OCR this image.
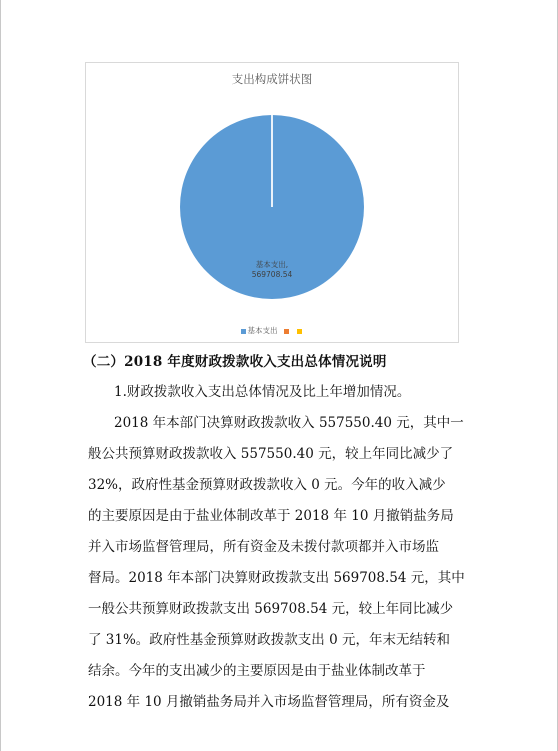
支出构成饼状图
基本支出,
569708.54
基本支出
（二）2018 年度财政拨款收入支出总体情况说明
1.财政拨款收入支出总体情况及比上年增加情况。
2018 年本部门决算财政拨款收入 557550.40 元，其中一
般公共预算财政拨款收入 557550.40 元，较上年同比减少了
32%，政府性基金预算财政拨款收入 0 元。今年的收入减少
的主要原因是由于盐业体制改革于 2018 年 10 月撤销盐务局
并入市场监督管理局，所有资金及未拨付款项都并入市场监
督局。2018 年本部门决算财政拨款支出 569708.54 元，其中
一般公共预算财政拨款支出 569708.54 元，较上年同比减少
了 31%。政府性基金预算财政拨款支出 0 元，年末无结转和
结余。今年的支出减少的主要原因是由于盐业体制改革于
2018 年 10 月撤销盐务局并入市场监督管理局，所有资金及
